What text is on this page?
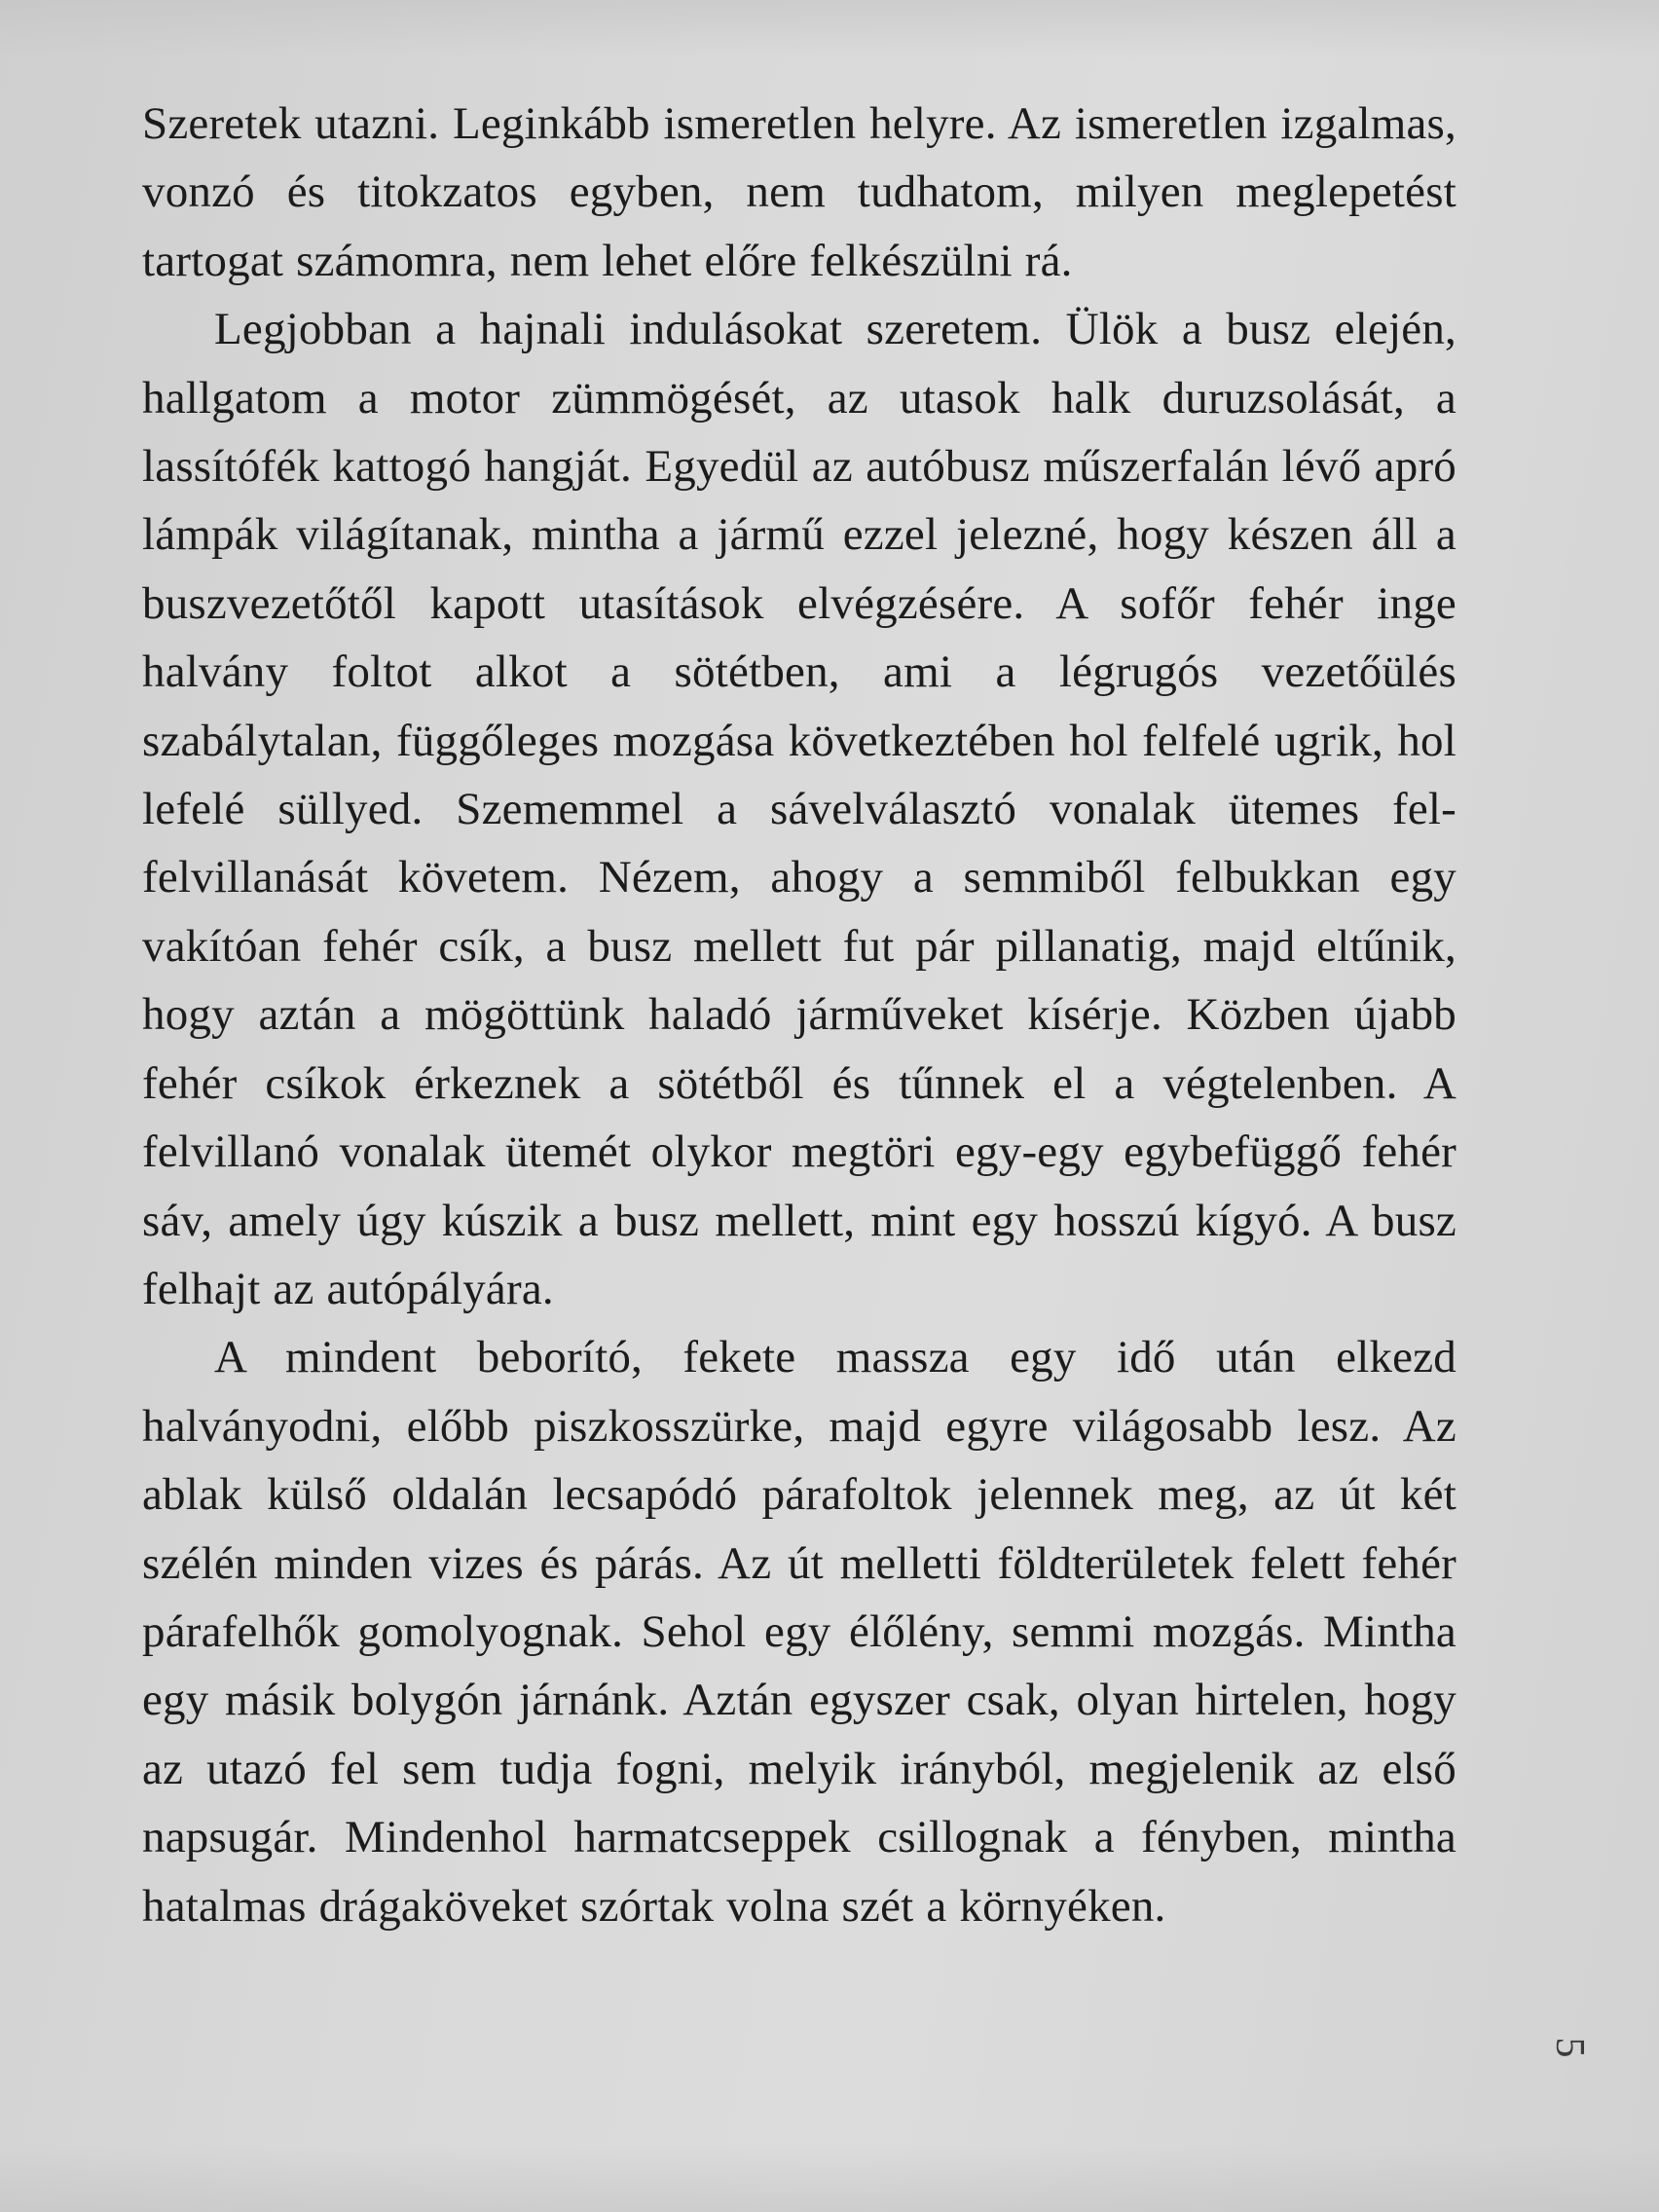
Szeretek utazni. Leginkább ismeretlen helyre. Az ismeretlen izgalmas, vonzó és titokzatos egyben, nem tudhatom, milyen meglepetést tartogat számomra, nem lehet előre felkészülni rá.

Legjobban a hajnali indulásokat szeretem. Ülök a busz elején, hallgatom a motor zümmögését, az utasok halk duruzsolását, a lassítófék kattogó hangját. Egyedül az autóbusz műszerfalán lévő apró lámpák világítanak, mintha a jármű ezzel jelezné, hogy készen áll a buszvezetőtől kapott utasítások elvégzésére. A sofőr fehér inge halvány foltot alkot a sötétben, ami a légrugós vezetőülés szabálytalan, függőleges mozgása következtében hol felfelé ugrik, hol lefelé süllyed. Szememmel a sávelválasztó vonalak ütemes fel-felvillanását követem. Nézem, ahogy a semmiből felbukkan egy vakítóan fehér csík, a busz mellett fut pár pillanatig, majd eltűnik, hogy aztán a mögöttünk haladó járműveket kísérje. Közben újabb fehér csíkok érkeznek a sötétből és tűnnek el a végtelenben. A felvillanó vonalak ütemét olykor megtöri egy-egy egybefüggő fehér sáv, amely úgy kúszik a busz mellett, mint egy hosszú kígyó. A busz felhajt az autópályára.

A mindent beborító, fekete massza egy idő után elkezd halványodni, előbb piszkosszürke, majd egyre világosabb lesz. Az ablak külső oldalán lecsapódó párafoltok jelennek meg, az út két szélén minden vizes és párás. Az út melletti földterületek felett fehér párafelhők gomolyognak. Sehol egy élőlény, semmi mozgás. Mintha egy másik bolygón járnánk. Aztán egyszer csak, olyan hirtelen, hogy az utazó fel sem tudja fogni, melyik irányból, megjelenik az első napsugár. Mindenhol harmatcseppek csillognak a fényben, mintha hatalmas drágaköveket szórtak volna szét a környéken.

5
